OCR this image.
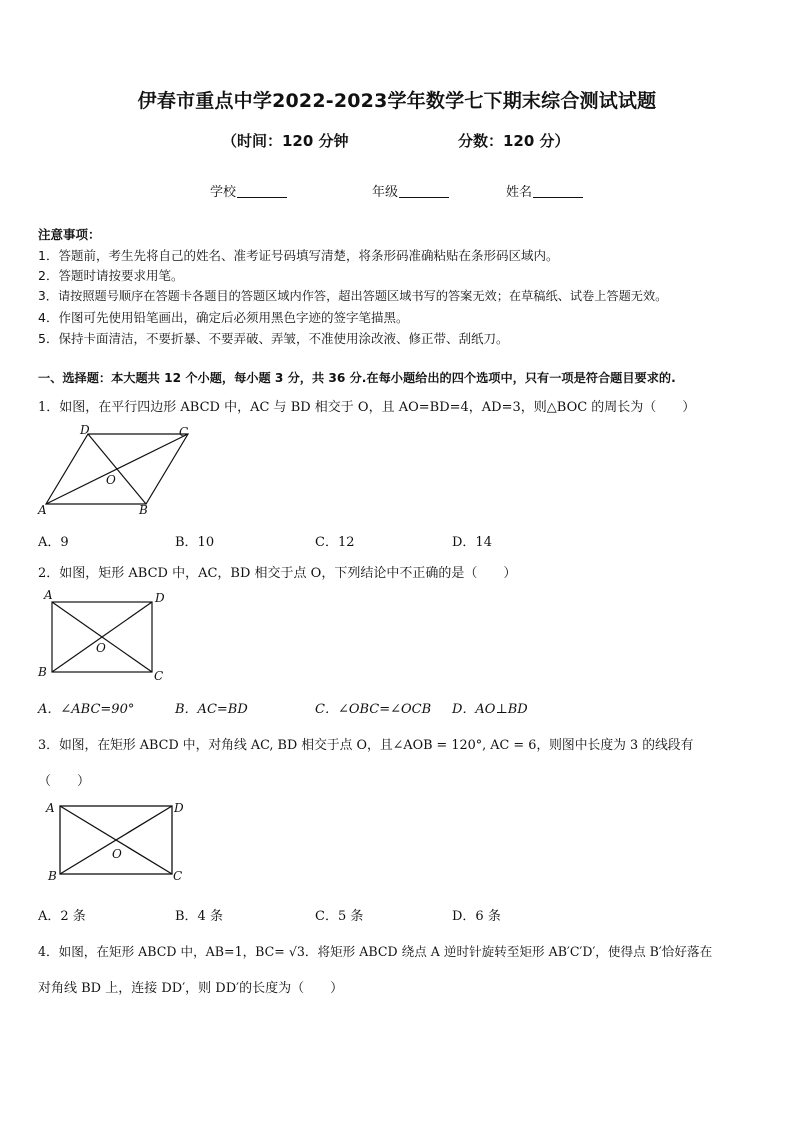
伊春市重点中学2022-2023学年数学七下期末综合测试试题
（时间：120 分钟	分数：120 分）
学校	年级	姓名
注意事项：
1．答题前，考生先将自己的姓名、准考证号码填写清楚，将条形码准确粘贴在条形码区域内。
2．答题时请按要求用笔。
3．请按照题号顺序在答题卡各题目的答题区域内作答，超出答题区域书写的答案无效；在草稿纸、试卷上答题无效。
4．作图可先使用铅笔画出，确定后必须用黑色字迹的签字笔描黑。
5．保持卡面清洁，不要折暴、不要弄破、弄皱，不准使用涂改液、修正带、刮纸刀。
一、选择题：本大题共 12 个小题，每小题 3 分，共 36 分.在每小题给出的四个选项中，只有一项是符合题目要求的.
1．如图，在平行四边形 ABCD 中，AC 与 BD 相交于 O，且 AO=BD=4，AD=3，则△BOC 的周长为（　　）
D	C
O
A	B
A．9	B．10	C．12	D．14
2．如图，矩形 ABCD 中，AC，BD 相交于点 O，下列结论中不正确的是（　　）
A	D
O
B	C
A．∠ABC=90°	B．AC=BD	C．∠OBC=∠OCB D．AO⊥BD
3．如图，在矩形 ABCD 中，对角线 AC, BD 相交于点 O，且∠AOB = 120°, AC = 6，则图中长度为 3 的线段有
（　　）
A	D
O
B	C
A．2 条	B．4 条	C．5 条	D．6 条
4．如图，在矩形 ABCD 中，AB=1，BC= √3．将矩形 ABCD 绕点 A 逆时针旋转至矩形 AB′C′D′，使得点 B′恰好落在
对角线 BD 上，连接 DD′，则 DD′的长度为（　　）
